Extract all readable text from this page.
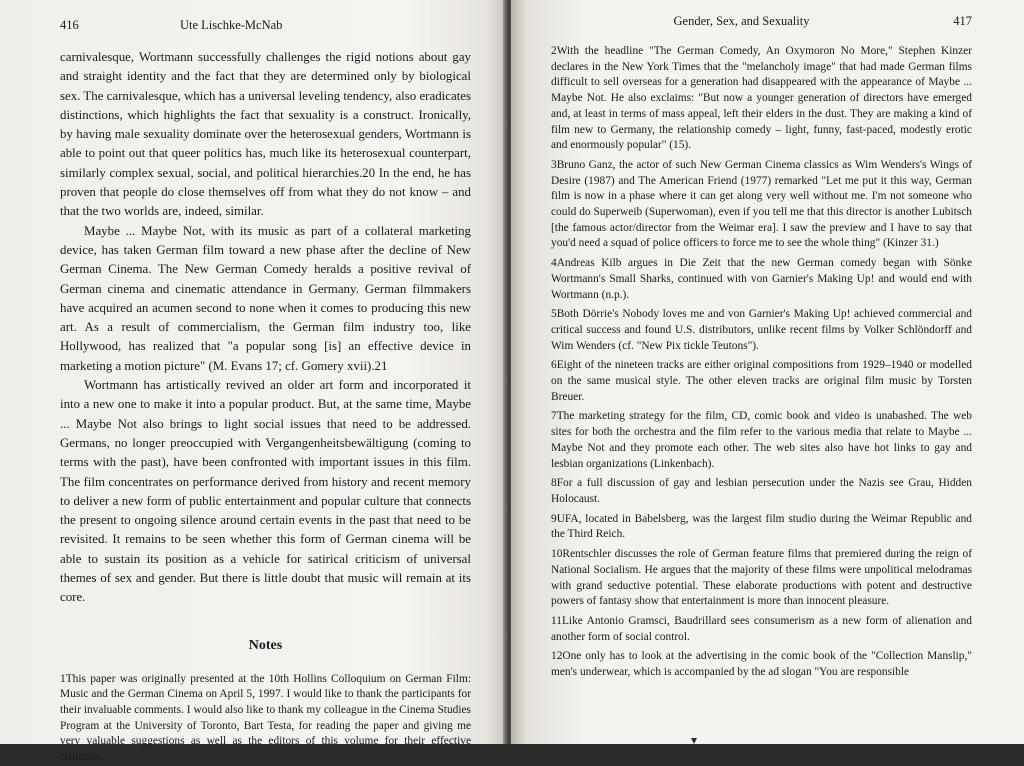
416	Ute Lischke-McNab

carnivalesque, Wortmann successfully challenges the rigid notions about gay and straight identity and the fact that they are determined only by biological sex. The carnivalesque, which has a universal leveling tendency, also eradicates distinctions, which highlights the fact that sexuality is a construct. Ironically, by having male sexuality dominate over the heterosexual genders, Wortmann is able to point out that queer politics has, much like its heterosexual counterpart, similarly complex sexual, social, and political hierarchies.20 In the end, he has proven that people do close themselves off from what they do not know – and that the two worlds are, indeed, similar.

Maybe ... Maybe Not, with its music as part of a collateral marketing device, has taken German film toward a new phase after the decline of New German Cinema. The New German Comedy heralds a positive revival of German cinema and cinematic attendance in Germany. German filmmakers have acquired an acumen second to none when it comes to producing this new art. As a result of commercialism, the German film industry too, like Hollywood, has realized that "a popular song [is] an effective device in marketing a motion picture" (M. Evans 17; cf. Gomery xvii).21

Wortmann has artistically revived an older art form and incorporated it into a new one to make it into a popular product. But, at the same time, Maybe ... Maybe Not also brings to light social issues that need to be addressed. Germans, no longer preoccupied with Vergangenheitsbewältigung (coming to terms with the past), have been confronted with important issues in this film. The film concentrates on performance derived from history and recent memory to deliver a new form of public entertainment and popular culture that connects the present to ongoing silence around certain events in the past that need to be revisited. It remains to be seen whether this form of German cinema will be able to sustain its position as a vehicle for satirical criticism of universal themes of sex and gender. But there is little doubt that music will remain at its core.

Notes

1This paper was originally presented at the 10th Hollins Colloquium on German Film: Music and the German Cinema on April 5, 1997. I would like to thank the participants for their invaluable comments. I would also like to thank my colleague in the Cinema Studies Program at the University of Toronto, Bart Testa, for reading the paper and giving me very valuable suggestions as well as the editors of this volume for their effective criticism.

Gender, Sex, and Sexuality	417

2With the headline "The German Comedy, An Oxymoron No More," Stephen Kinzer declares in the New York Times that the "melancholy image" that had made German films difficult to sell overseas for a generation had disappeared with the appearance of Maybe ... Maybe Not. He also exclaims: "But now a younger generation of directors have emerged and, at least in terms of mass appeal, left their elders in the dust. They are making a kind of film new to Germany, the relationship comedy – light, funny, fast-paced, modestly erotic and enormously popular" (15).

3Bruno Ganz, the actor of such New German Cinema classics as Wim Wenders's Wings of Desire (1987) and The American Friend (1977) remarked "Let me put it this way, German film is now in a phase where it can get along very well without me. I'm not someone who could do Superweib (Superwoman), even if you tell me that this director is another Lubitsch [the famous actor/director from the Weimar era]. I saw the preview and I have to say that you'd need a squad of police officers to force me to see the whole thing" (Kinzer 31.)

4Andreas Kilb argues in Die Zeit that the new German comedy began with Sönke Wortmann's Small Sharks, continued with von Garnier's Making Up! and would end with Wortmann (n.p.).

5Both Dörrie's Nobody loves me and von Garnier's Making Up! achieved commercial and critical success and found U.S. distributors, unlike recent films by Volker Schlöndorff and Wim Wenders (cf. "New Pix tickle Teutons").

6Eight of the nineteen tracks are either original compositions from 1929–1940 or modelled on the same musical style. The other eleven tracks are original film music by Torsten Breuer.

7The marketing strategy for the film, CD, comic book and video is unabashed. The web sites for both the orchestra and the film refer to the various media that relate to Maybe ... Maybe Not and they promote each other. The web sites also have hot links to gay and lesbian organizations (Linkenbach).

8For a full discussion of gay and lesbian persecution under the Nazis see Grau, Hidden Holocaust.

9UFA, located in Babelsberg, was the largest film studio during the Weimar Republic and the Third Reich.

10Rentschler discusses the role of German feature films that premiered during the reign of National Socialism. He argues that the majority of these films were unpolitical melodramas with grand seductive potential. These elaborate productions with potent and destructive powers of fantasy show that entertainment is more than innocent pleasure.

11Like Antonio Gramsci, Baudrillard sees consumerism as a new form of alienation and another form of social control.

12One only has to look at the advertising in the comic book of the "Collection Manslip," men's underwear, which is accompanied by the ad slogan "You are responsible
